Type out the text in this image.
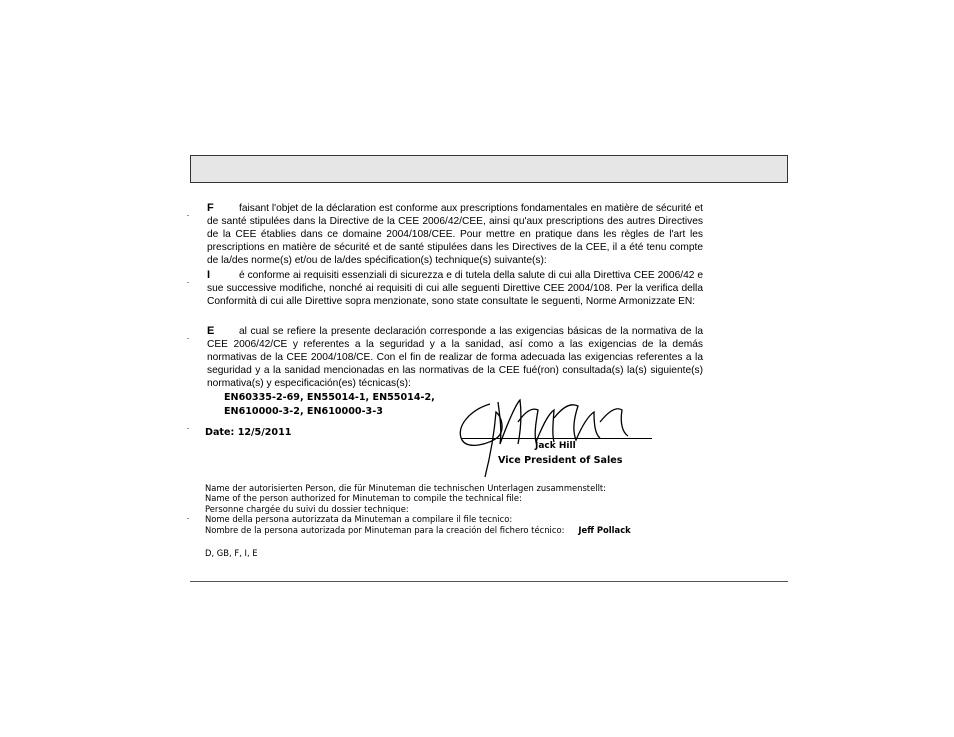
F	faisant l'objet de la déclaration est conforme aux prescriptions fondamentales en matière de sécurité et de santé stipulées dans la Directive de la CEE 2006/42/CEE, ainsi qu'aux prescriptions des autres Directives de la CEE établies dans ce domaine 2004/108/CEE. Pour mettre en pratique dans les règles de l'art les prescriptions en matière de sécurité et de santé stipulées dans les Directives de la CEE, il a été tenu compte de la/des norme(s) et/ou de la/des spécification(s) technique(s) suivante(s):
I	é conforme ai requisiti essenziali di sicurezza e di tutela della salute di cui alla Direttiva CEE 2006/42 e sue successive modifiche, nonché ai requisiti di cui alle seguenti Direttive CEE 2004/108. Per la verifica della Conformità di cui alle Direttive sopra menzionate, sono state consultate le seguenti, Norme Armonizzate EN:
E	al cual se refiere la presente declaración corresponde a las exigencias básicas de la normativa de la CEE 2006/42/CE y referentes a la seguridad y a la sanidad, así como a las exigencias de la demás normativas de la CEE 2004/108/CE. Con el fin de realizar de forma adecuada las exigencias referentes a la seguridad y a la sanidad mencionadas en las normativas de la CEE fué(ron) consultada(s) la(s) siguiente(s) normativa(s) y especificación(es) técnicas(s):
EN60335-2-69, EN55014-1, EN55014-2,
EN610000-3-2, EN610000-3-3
Date: 12/5/2011
Jack Hill
Vice President of Sales
Name der autorisierten Person, die für Minuteman die technischen Unterlagen zusammenstellt:
Name of the person authorized for Minuteman to compile the technical file:
Personne chargée du suivi du dossier technique:
Nome della persona autorizzata da Minuteman a compilare il file tecnico:
Nombre de la persona autorizada por Minuteman para la creación del fichero técnico: Jeff Pollack
D, GB, F, I, E
